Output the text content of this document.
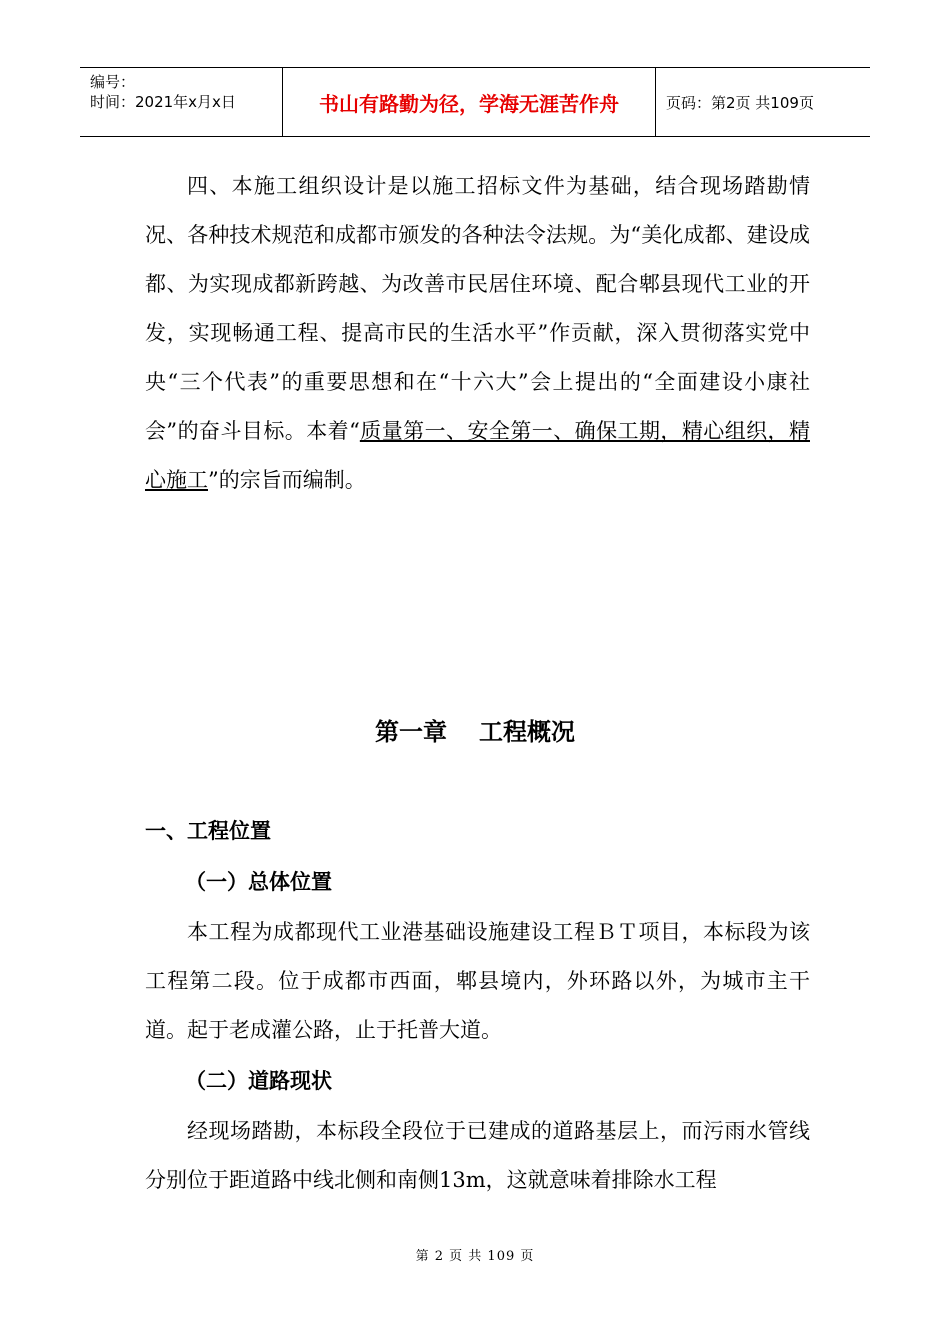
编号：
时间：2021年x月x日	书山有路勤为径，学海无涯苦作舟	页码：第2页 共109页

四、本施工组织设计是以施工招标文件为基础，结合现场踏勘情况、各种技术规范和成都市颁发的各种法令法规。为“美化成都、建设成都、为实现成都新跨越、为改善市民居住环境、配合郫县现代工业的开发，实现畅通工程、提高市民的生活水平”作贡献，深入贯彻落实党中央“三个代表”的重要思想和在“十六大”会上提出的“全面建设小康社会”的奋斗目标。本着“质量第一、安全第一、确保工期，精心组织，精心施工”的宗旨而编制。

第一章 工程概况
一、工程位置
（一）总体位置

本工程为成都现代工业港基础设施建设工程ＢＴ项目，本标段为该工程第二段。位于成都市西面，郫县境内，外环路以外，为城市主干道。起于老成灌公路，止于托普大道。

（二）道路现状

经现场踏勘，本标段全段位于已建成的道路基层上，而污雨水管线分别位于距道路中线北侧和南侧13m，这就意味着排除水工程

第 2 页 共 109 页
